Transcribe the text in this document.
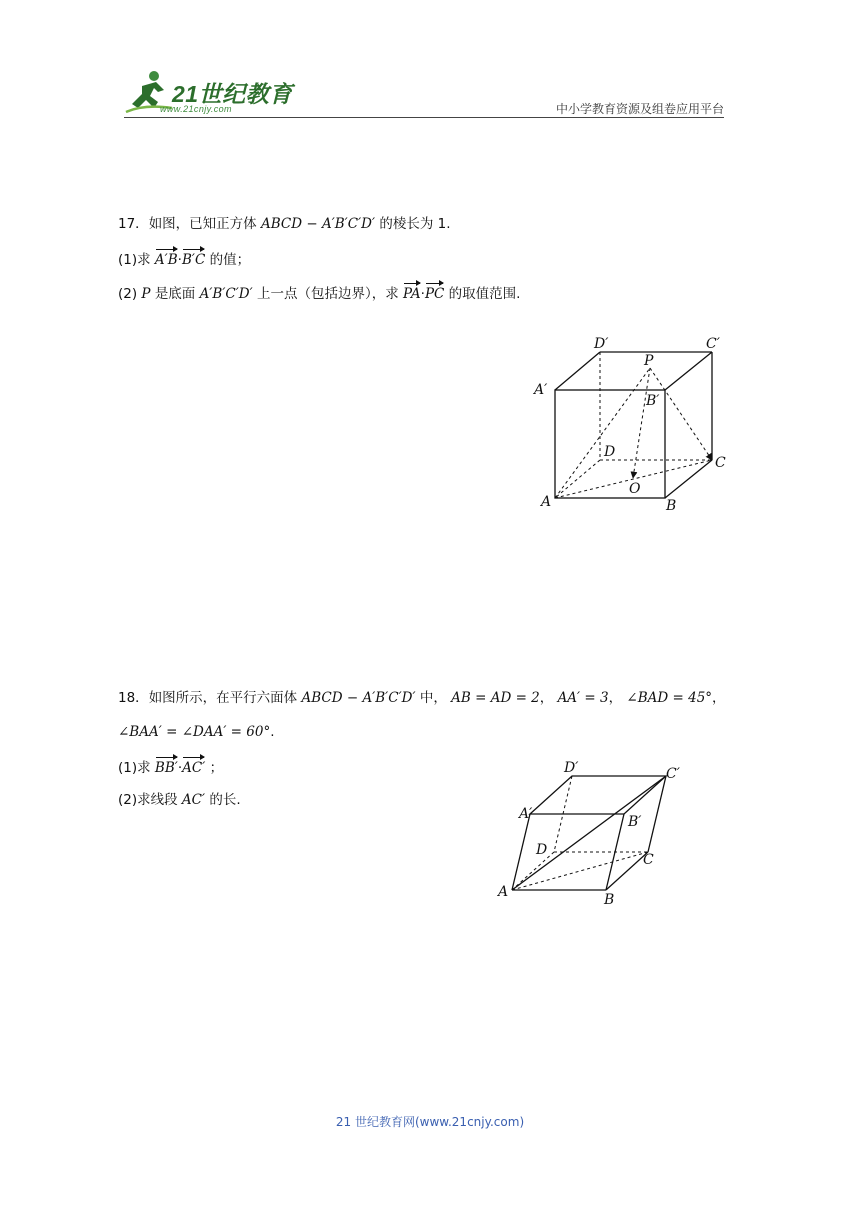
21世纪教育
www.21cnjy.com	中小学教育资源及组卷应用平台
17．如图，已知正方体 ABCD − A′B′C′D′ 的棱长为 1.
(1)求 A′B·B′C 的值；
(2) P 是底面 A′B′C′D′ 上一点（包括边界），求 PA·PC 的取值范围.
D′	C′
A′
P
B′
D
C
O
A	B
18．如图所示，在平行六面体 ABCD − A′B′C′D′ 中， AB = AD = 2， AA′ = 3， ∠BAD = 45°，
∠BAA′ = ∠DAA′ = 60°.
(1)求 BB′·AC′ ；
(2)求线段 AC′ 的长.
D′	C′
A′	B′
D
C
A	B
21 世纪教育网(www.21cnjy.com)
